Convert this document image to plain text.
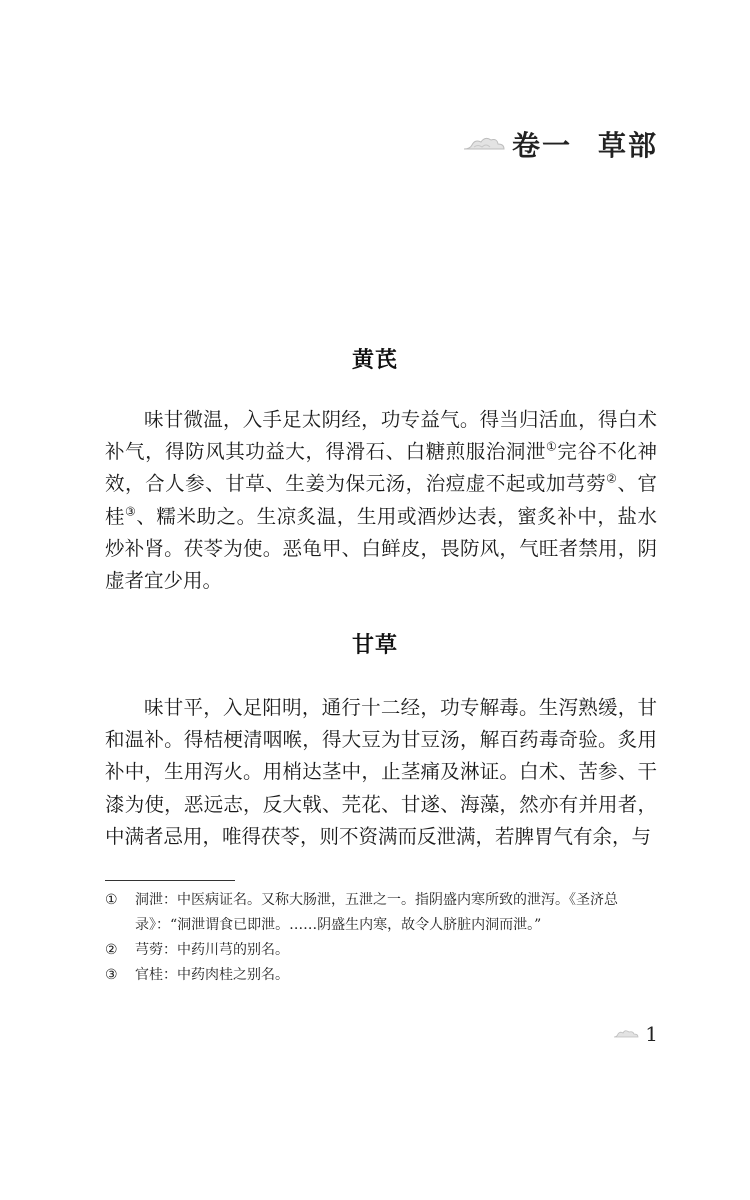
卷一 草部
黄芪

味甘微温，入手足太阴经，功专益气。得当归活血，得白术补气，得防风其功益大，得滑石、白糖煎服治洞泄①完谷不化神效，合人参、甘草、生姜为保元汤，治痘虚不起或加芎䓖②、官桂③、糯米助之。生凉炙温，生用或酒炒达表，蜜炙补中，盐水炒补肾。茯苓为使。恶龟甲、白鲜皮，畏防风，气旺者禁用，阴虚者宜少用。

甘草

味甘平，入足阳明，通行十二经，功专解毒。生泻熟缓，甘和温补。得桔梗清咽喉，得大豆为甘豆汤，解百药毒奇验。炙用补中，生用泻火。用梢达茎中，止茎痛及淋证。白术、苦参、干漆为使，恶远志，反大戟、芫花、甘遂、海藻，然亦有并用者，中满者忌用，唯得茯苓，则不资满而反泄满，若脾胃气有余，与

①	洞泄：中医病证名。又称大肠泄，五泄之一。指阴盛内寒所致的泄泻。《圣济总录》：“洞泄谓食已即泄。……阴盛生内寒，故令人脐脏内洞而泄。”
②	芎䓖：中药川芎的别名。
③	官桂：中药肉桂之别名。
1
